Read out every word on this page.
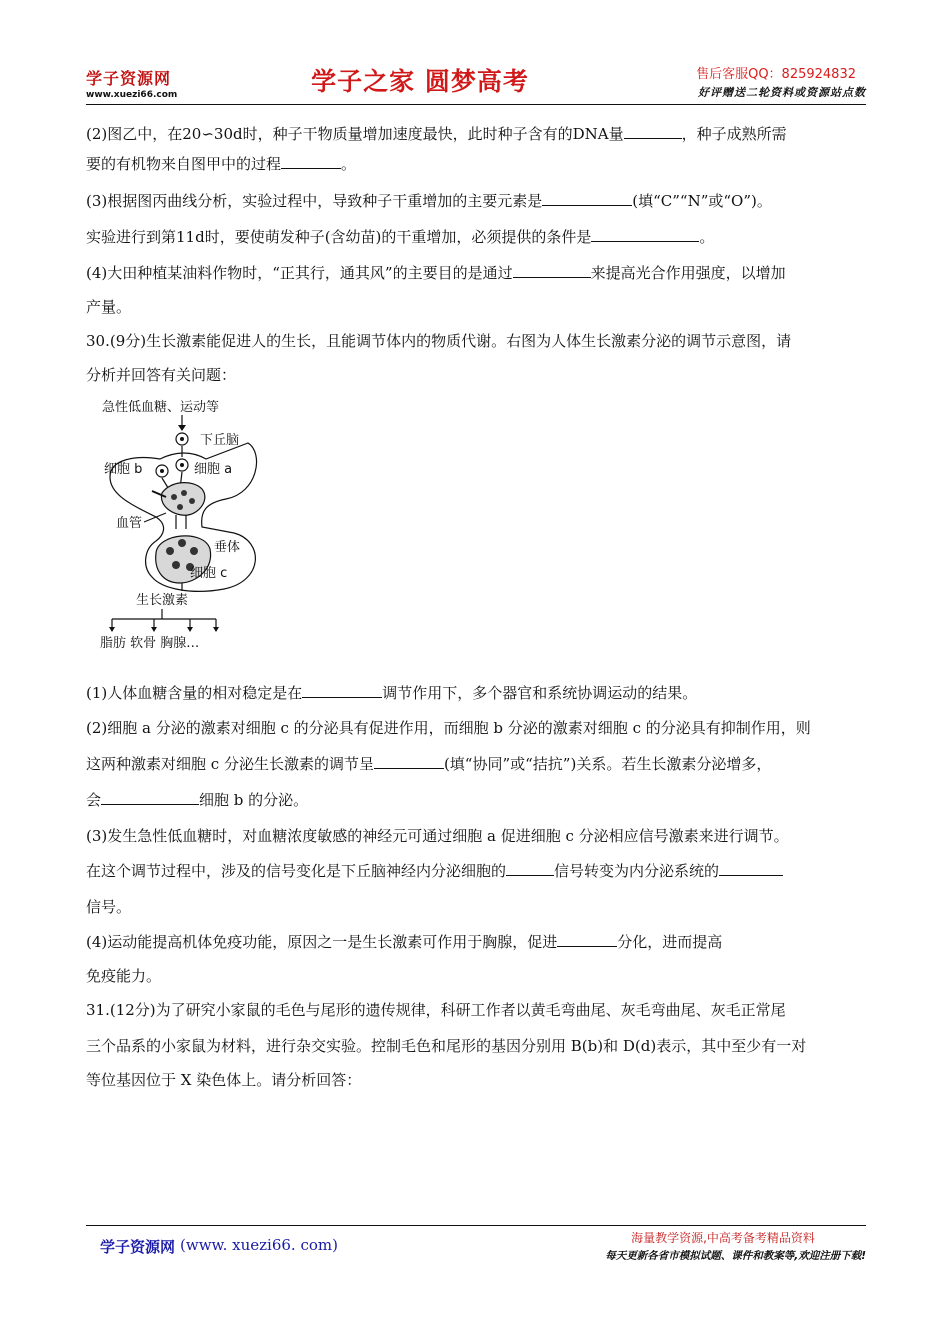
学子资源网
www.xuezi66.com	学子之家 圆梦高考	售后客服QQ：825924832
好评赠送二轮资料或资源站点数
(2)图乙中，在20∽30d时，种子干物质量增加速度最快，此时种子含有的DNA量	，种子成熟所需
要的有机物来自图甲中的过程	。
(3)根据图丙曲线分析，实验过程中，导致种子干重增加的主要元素是	(填“C”“N”或“O”)。
实验进行到第11d时，要使萌发种子(含幼苗)的干重增加，必须提供的条件是	。
(4)大田种植某油料作物时，“正其行，通其风”的主要目的是通过	来提高光合作用强度，以增加
产量。
30.(9分)生长激素能促进人的生长，且能调节体内的物质代谢。右图为人体生长激素分泌的调节示意图，请
分析并回答有关问题：
急性低血糖、运动等
下丘脑
细胞 a
细胞 b
血管
垂体
细胞 c
生长激素
脂肪 软骨 胸腺…
(1)人体血糖含量的相对稳定是在	调节作用下，多个器官和系统协调运动的结果。
(2)细胞 a 分泌的激素对细胞 c 的分泌具有促进作用，而细胞 b 分泌的激素对细胞 c 的分泌具有抑制作用，则
这两种激素对细胞 c 分泌生长激素的调节呈	(填“协同”或“拮抗”)关系。若生长激素分泌增多，
会	细胞 b 的分泌。
(3)发生急性低血糖时，对血糖浓度敏感的神经元可通过细胞 a 促进细胞 c 分泌相应信号激素来进行调节。
在这个调节过程中，涉及的信号变化是下丘脑神经内分泌细胞的	信号转变为内分泌系统的
信号。
(4)运动能提高机体免疫功能，原因之一是生长激素可作用于胸腺，促进	分化，进而提高
免疫能力。
31.(12分)为了研究小家鼠的毛色与尾形的遗传规律，科研工作者以黄毛弯曲尾、灰毛弯曲尾、灰毛正常尾
三个品系的小家鼠为材料，进行杂交实验。控制毛色和尾形的基因分别用 B(b)和 D(d)表示，其中至少有一对
等位基因位于 X 染色体上。请分析回答：
学子资源网 (www. xuezi66. com)	海量教学资源,中高考备考精品资料
每天更新各省市模拟试题、课件和教案等,欢迎注册下载!
